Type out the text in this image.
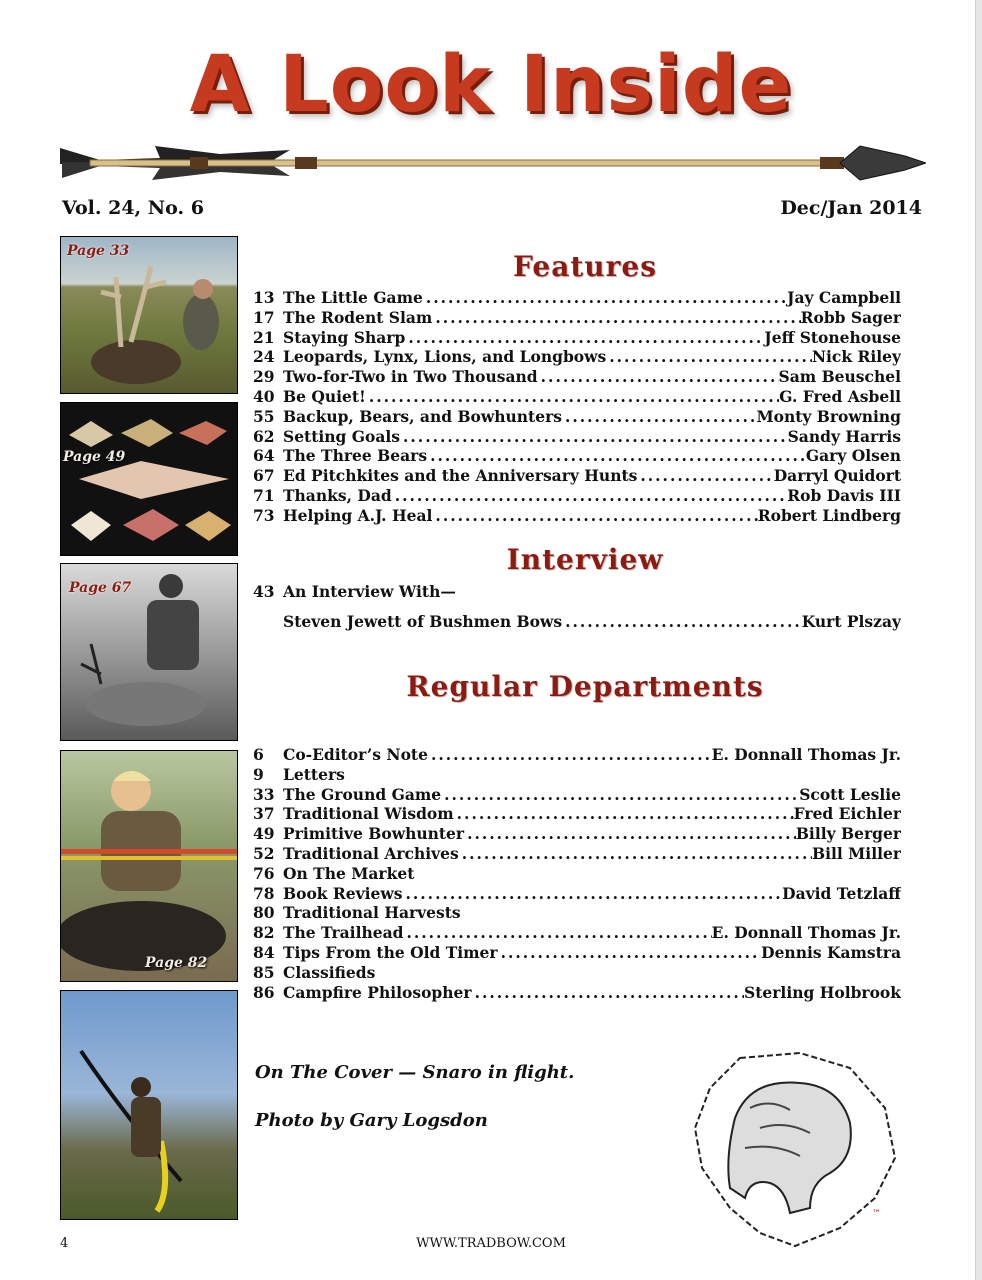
A Look Inside
Vol. 24, No. 6	Dec/Jan 2014
Page 33
Page 49
Page 67
Page 82
Features
13 The Little Game .....	Jay Campbell
17 The Rodent Slam .....	Robb Sager
21 Staying Sharp .....	Jeff Stonehouse
24 Leopards, Lynx, Lions, and Longbows .....	Nick Riley
29 Two-for-Two in Two Thousand .....	Sam Beuschel
40 Be Quiet! .....	G. Fred Asbell
55 Backup, Bears, and Bowhunters .....	Monty Browning
62 Setting Goals .....	Sandy Harris
64 The Three Bears .....	Gary Olsen
67 Ed Pitchkites and the Anniversary Hunts .....	Darryl Quidort
71 Thanks, Dad .....	Rob Davis III
73 Helping A.J. Heal .....	Robert Lindberg
Interview
43 An Interview With—
Steven Jewett of Bushmen Bows .....	Kurt Plszay
Regular Departments
6	Co-Editor’s Note .....	E. Donnall Thomas Jr.
9	Letters
33 The Ground Game .....	Scott Leslie
37 Traditional Wisdom .....	Fred Eichler
49 Primitive Bowhunter .....	Billy Berger
52 Traditional Archives .....	Bill Miller
76 On The Market
78 Book Reviews .....	David Tetzlaff
80 Traditional Harvests
82 The Trailhead .....	E. Donnall Thomas Jr.
84 Tips From the Old Timer .....	Dennis Kamstra
85 Classifieds
86 Campfire Philosopher .....	Sterling Holbrook
On The Cover — Snaro in flight.
Photo by Gary Logsdon
™
4	WWW.TRADBOW.COM
